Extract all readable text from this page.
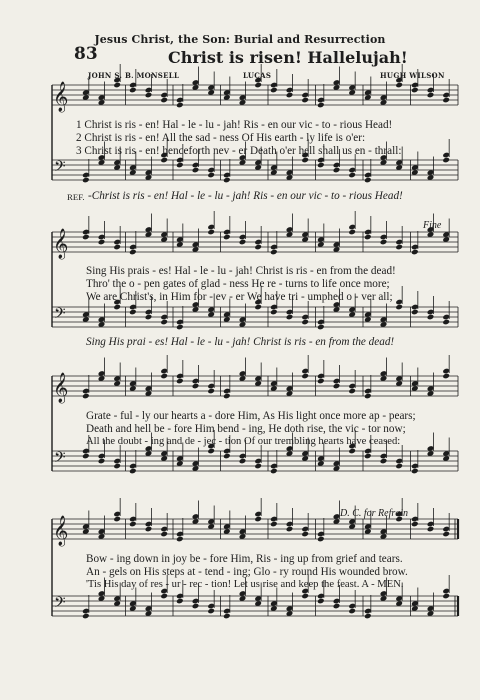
𝄞
𝄢
𝄞
𝄢
𝄞
𝄢
𝄞
𝄢
Jesus Christ, the Son: Burial and Resurrection
83	Christ is risen! Hallelujah!
JOHN S. B. MONSELL	LUCAS	HUGH WILSON
1 Christ is ris - en! Hal - le - lu - jah! Ris - en our vic - to - rious Head!
2 Christ is ris - en! All the sad - ness Of His earth - ly life is o'er:
3 Christ is ris - en! henceforth nev - er Death o'er hell shall us en - thrall:
REF. -Christ is ris - en! Hal - le - lu - jah! Ris - en our vic - to - rious Head!
Fine
Sing His prais - es! Hal - le - lu - jah! Christ is ris - en from the dead!
Thro' the o - pen gates of glad - ness He re - turns to life once more;
We are Christ's, in Him for - ev - er We have tri - umphed o - ver all;
Sing His prai - es! Hal - le - lu - jah! Christ is ris - en from the dead!
Grate - ful - ly our hearts a - dore Him, As His light once more ap - pears;
Death and hell be - fore Him bend - ing, He doth rise, the vic - tor now;
All the doubt - ing and de - jec - tion Of our trembling hearts have ceased:
D. C. for Refrain
Bow - ing down in joy be - fore Him, Ris - ing up from grief and tears.
An - gels on His steps at - tend - ing; Glo - ry round His wounded brow.
'Tis His day of res - ur - rec - tion! Let us rise and keep the feast. A - MEN.
